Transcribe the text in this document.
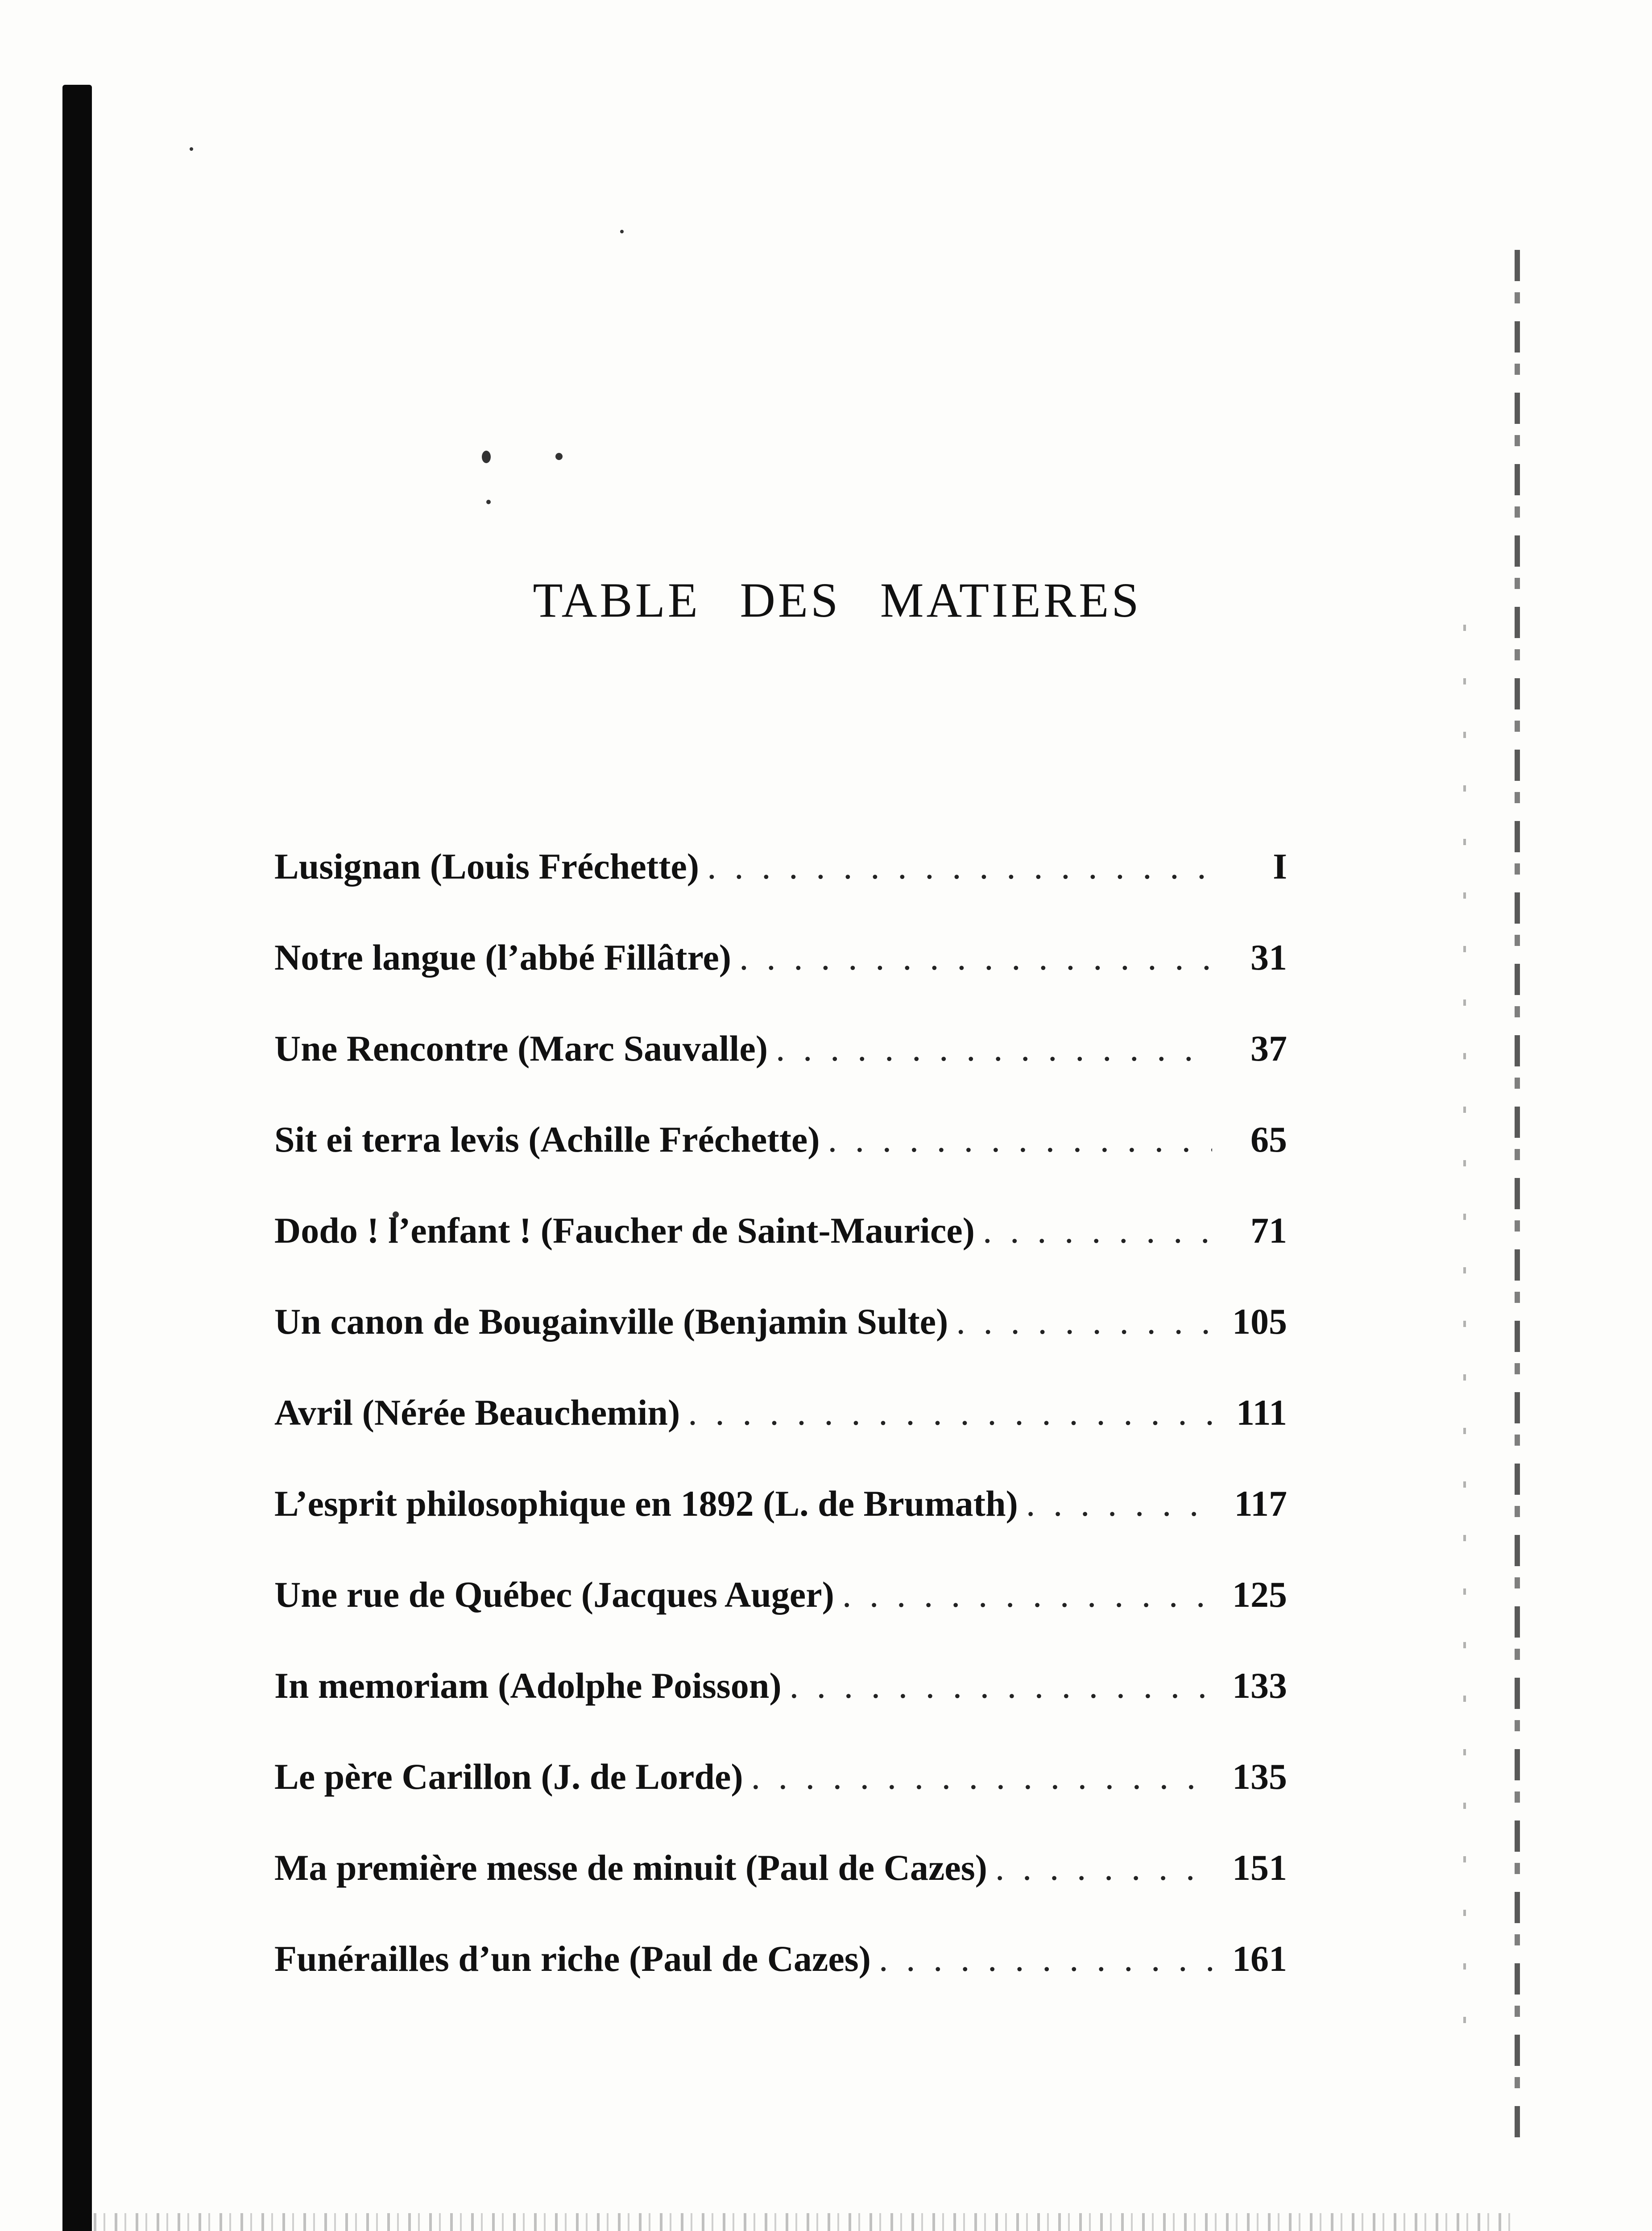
TABLE DES MATIERES
Lusignan (Louis Fréchette) . . .	I
Notre langue (l’abbé Fillâtre) . . .	31
Une Rencontre (Marc Sauvalle) . . .	37
Sit ei terra levis (Achille Fréchette) . . .	65
Dodo ! l’enfant ! (Faucher de Saint-Maurice) . . .	71
Un canon de Bougainville (Benjamin Sulte) . . .	105
Avril (Nérée Beauchemin) . . .	111
L’esprit philosophique en 1892 (L. de Brumath) . . .	117
Une rue de Québec (Jacques Auger) . . .	125
In memoriam (Adolphe Poisson) . . .	133
Le père Carillon (J. de Lorde) . . .	135
Ma première messe de minuit (Paul de Cazes) . . .	151
Funérailles d’un riche (Paul de Cazes) . . .	161
